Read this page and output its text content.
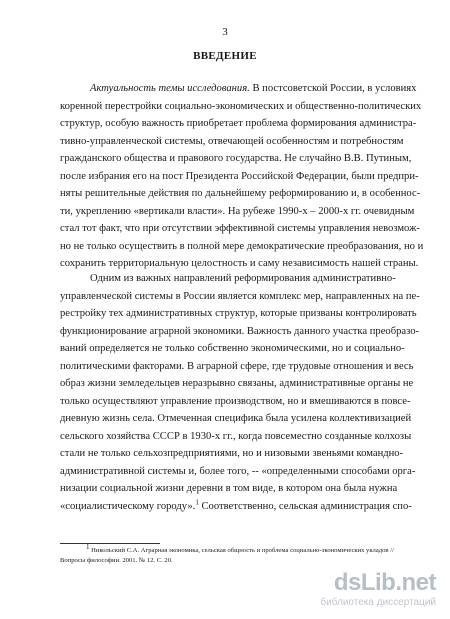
3
ВВЕДЕНИЕ
Актуальность темы исследования. В постсоветской России, в условиях
коренной перестройки социально-экономических и общественно-политических
структур, особую важность приобретает проблема формирования администра-
тивно-управленческой системы, отвечающей особенностям и потребностям
гражданского общества и правового государства. Не случайно В.В. Путиным,
после избрания его на пост Президента Российской Федерации, были предпри-
няты решительные действия по дальнейшему реформированию и, в особеннос-
ти, укреплению «вертикали власти». На рубеже 1990-х – 2000-х гг. очевидным
стал тот факт, что при отсутствии эффективной системы управления невозмож-
но не только осуществить в полной мере демократические преобразования, но и
сохранить территориальную целостность и саму независимость нашей страны.
Одним из важных направлений реформирования административно-
управленческой системы в России является комплекс мер, направленных на пе-
рестройку тех административных структур, которые призваны контролировать
функционирование аграрной экономики. Важность данного участка преобразо-
ваний определяется не только собственно экономическими, но и социально-
политическими факторами. В аграрной сфере, где трудовые отношения и весь
образ жизни земледельцев неразрывно связаны, административные органы не
только осуществляют управление производством, но и вмешиваются в повсе-
дневную жизнь села. Отмеченная специфика была усилена коллективизацией
сельского хозяйства СССР в 1930-х гг., когда повсеместно созданные колхозы
стали не только сельхозпредприятиями, но и низовыми звеньями командно-
административной системы и, более того, -- «определенными способами орга-
низации социальной жизни деревни в том виде, в котором она была нужна
«социалистическому городу».$^1$ Соответственно, сельская администрация спо-
$^1$ Никольский С.А. Аграрная экономика, сельская общность и проблема социально-экономических укладов //
Вопросы философии. 2001. № 12. С. 20.
dsLib.net
библиотека диссертаций
